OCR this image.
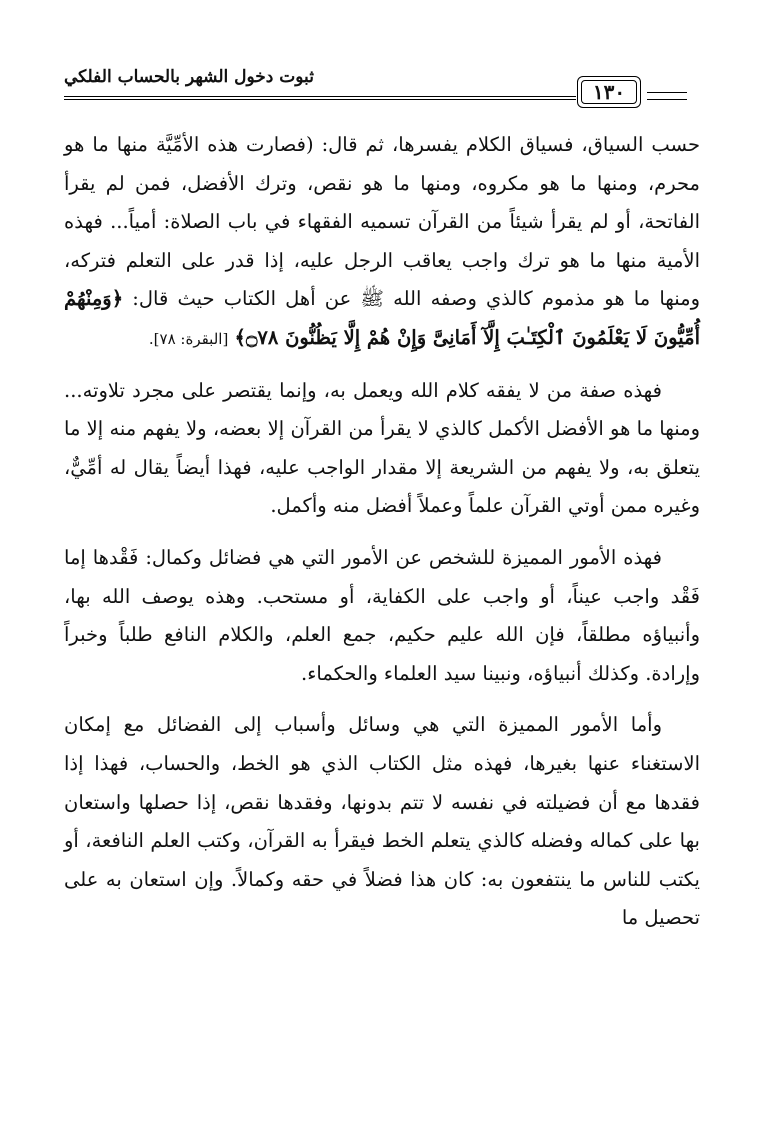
ثبوت دخول الشهر بالحساب الفلكي
١٣٠

حسب السياق، فسياق الكلام يفسرها، ثم قال: (فصارت هذه الأمِّيَّة منها ما هو محرم، ومنها ما هو مكروه، ومنها ما هو نقص، وترك الأفضل، فمن لم يقرأ الفاتحة، أو لم يقرأ شيئاً من القرآن تسميه الفقهاء في باب الصلاة: أمياً... فهذه الأمية منها ما هو ترك واجب يعاقب الرجل عليه، إذا قدر على التعلم فتركه، ومنها ما هو مذموم كالذي وصفه الله ﷺ عن أهل الكتاب حيث قال: ﴿وَمِنْهُمْ أُمِّيُّونَ لَا يَعْلَمُونَ ٱلْكِتَـٰبَ إِلَّآ أَمَانِىَّ وَإِنْ هُمْ إِلَّا يَظُنُّونَ ۝٧٨﴾ [البقرة: ٧٨].

فهذه صفة من لا يفقه كلام الله ويعمل به، وإنما يقتصر على مجرد تلاوته... ومنها ما هو الأفضل الأكمل كالذي لا يقرأ من القرآن إلا بعضه، ولا يفهم منه إلا ما يتعلق به، ولا يفهم من الشريعة إلا مقدار الواجب عليه، فهذا أيضاً يقال له أمِّيٌّ، وغيره ممن أوتي القرآن علماً وعملاً أفضل منه وأكمل.

فهذه الأمور المميزة للشخص عن الأمور التي هي فضائل وكمال: فَقْدها إما فَقْد واجب عيناً، أو واجب على الكفاية، أو مستحب. وهذه يوصف الله بها، وأنبياؤه مطلقاً، فإن الله عليم حكيم، جمع العلم، والكلام النافع طلباً وخبراً وإرادة. وكذلك أنبياؤه، ونبينا سيد العلماء والحكماء.

وأما الأمور المميزة التي هي وسائل وأسباب إلى الفضائل مع إمكان الاستغناء عنها بغيرها، فهذه مثل الكتاب الذي هو الخط، والحساب، فهذا إذا فقدها مع أن فضيلته في نفسه لا تتم بدونها، وفقدها نقص، إذا حصلها واستعان بها على كماله وفضله كالذي يتعلم الخط فيقرأ به القرآن، وكتب العلم النافعة، أو يكتب للناس ما ينتفعون به: كان هذا فضلاً في حقه وكمالاً. وإن استعان به على تحصيل ما
